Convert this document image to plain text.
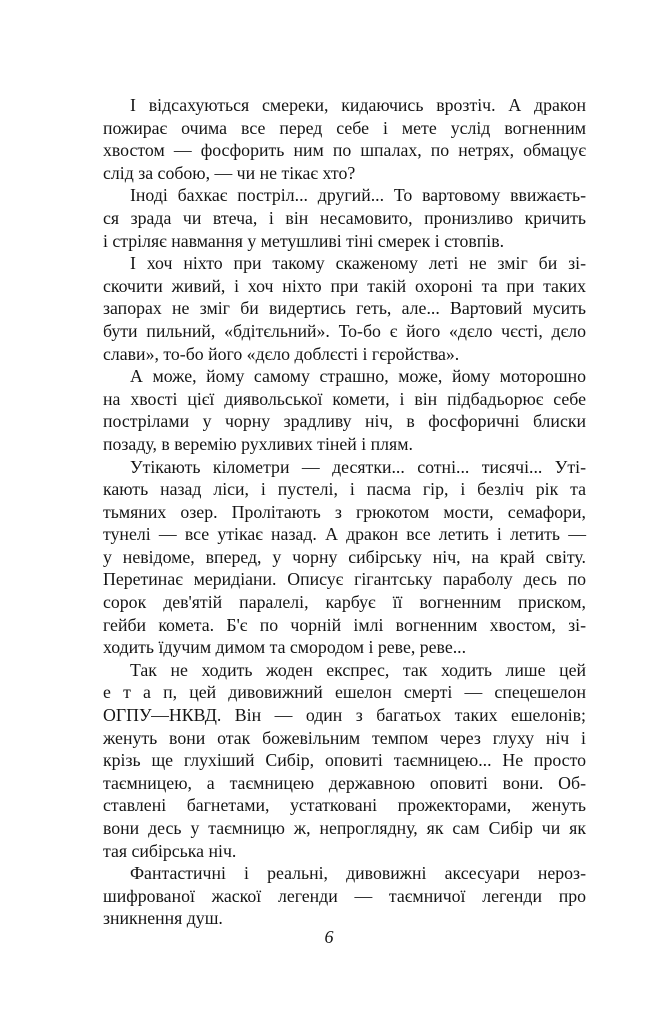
І відсахуються смереки, кидаючись врозтіч. А дракон
пожирає очима все перед себе і мете услід вогненним
хвостом — фосфорить ним по шпалах, по нетрях, обмацує
слід за собою, — чи не тікає хто?
Іноді бахкає постріл... другий... То вартовому ввижаєть-
ся зрада чи втеча, і він несамовито, пронизливо кричить
і стріляє навмання у метушливі тіні смерек і стовпів.
І хоч ніхто при такому скаженому леті не зміг би зі-
скочити живий, і хоч ніхто при такій охороні та при таких
запорах не зміг би видертись геть, але... Вартовий мусить
бути пильний, «бдітєльний». То-бо є його «дєло чєсті, дєло
слави», то-бо його «дєло доблєсті і гєройства».
А може, йому самому страшно, може, йому моторошно
на хвості цієї диявольської комети, і він підбадьорює себе
пострілами у чорну зрадливу ніч, в фосфоричні блиски
позаду, в веремію рухливих тіней і плям.
Утікають кілометри — десятки... сотні... тисячі... Уті-
кають назад ліси, і пустелі, і пасма гір, і безліч рік та
тьмяних озер. Пролітають з грюкотом мости, семафори,
тунелі — все утікає назад. А дракон все летить і летить —
у невідоме, вперед, у чорну сибірську ніч, на край світу.
Перетинає меридіани. Описує гігантську параболу десь по
сорок дев'ятій паралелі, карбує її вогненним приском,
гейби комета. Б'є по чорній імлі вогненним хвостом, зі-
ходить їдучим димом та смородом і реве, реве...
Так не ходить жоден експрес, так ходить лише цей
е т а п, цей дивовижний ешелон смерті — спецешелон
ОГПУ—НКВД. Він — один з багатьох таких ешелонів;
женуть вони отак божевільним темпом через глуху ніч і
крізь ще глухіший Сибір, оповиті таємницею... Не просто
таємницею, а таємницею державною оповиті вони. Об-
ставлені багнетами, устатковані прожекторами, женуть
вони десь у таємницю ж, непроглядну, як сам Сибір чи як
тая сибірська ніч.
Фантастичні і реальні, дивовижні аксесуари нероз-
шифрованої жаскої легенди — таємничої легенди про
зникнення душ.
6
